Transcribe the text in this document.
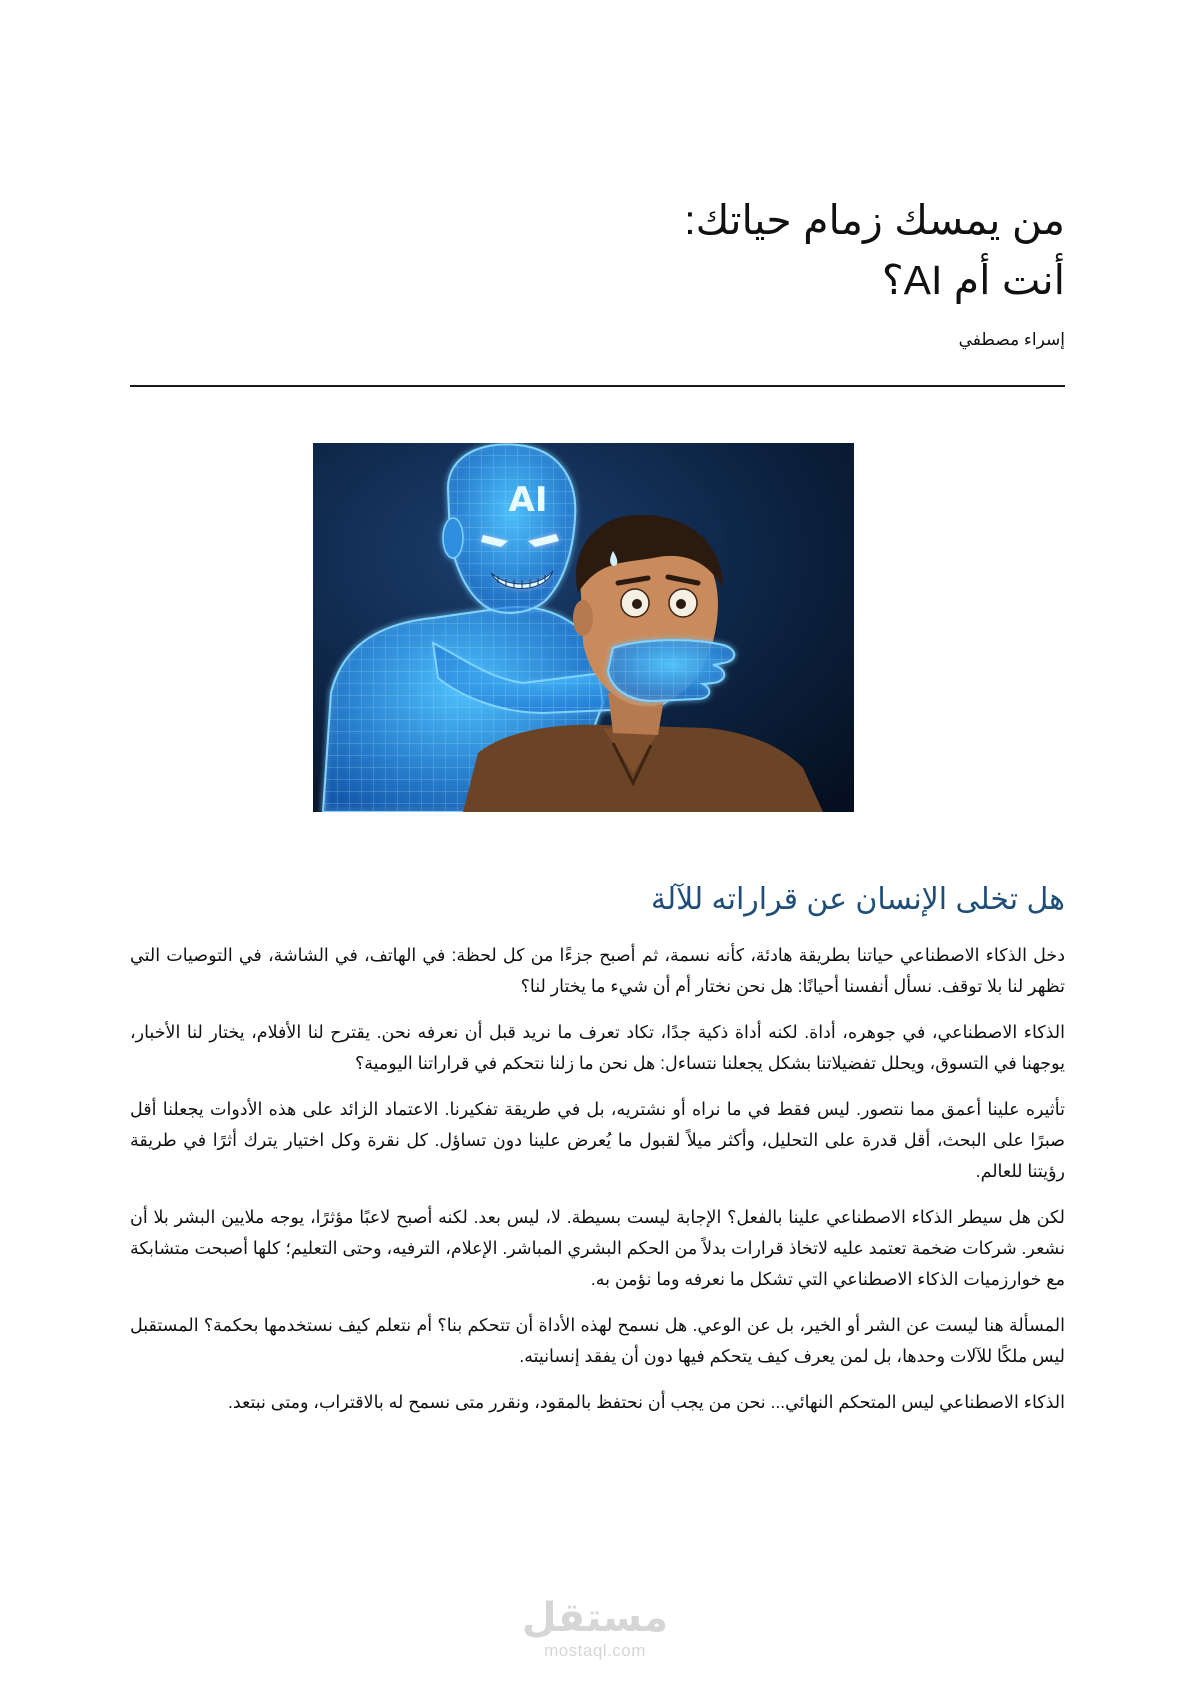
من يمسك زمام حياتك:
أنت أم AI؟
إسراء مصطفي
AI
هل تخلى الإنسان عن قراراته للآلة

دخل الذكاء الاصطناعي حياتنا بطريقة هادئة، كأنه نسمة، ثم أصبح جزءًا من كل لحظة: في الهاتف، في الشاشة، في التوصيات التي تظهر لنا بلا توقف. نسأل أنفسنا أحيانًا: هل نحن نختار أم أن شيء ما يختار لنا؟

الذكاء الاصطناعي، في جوهره، أداة. لكنه أداة ذكية جدًا، تكاد تعرف ما نريد قبل أن نعرفه نحن. يقترح لنا الأفلام، يختار لنا الأخبار، يوجهنا في التسوق، ويحلل تفضيلاتنا بشكل يجعلنا نتساءل: هل نحن ما زلنا نتحكم في قراراتنا اليومية؟

تأثيره علينا أعمق مما نتصور. ليس فقط في ما نراه أو نشتريه، بل في طريقة تفكيرنا. الاعتماد الزائد على هذه الأدوات يجعلنا أقل صبرًا على البحث، أقل قدرة على التحليل، وأكثر ميلاً لقبول ما يُعرض علينا دون تساؤل. كل نقرة وكل اختيار يترك أثرًا في طريقة رؤيتنا للعالم.

لكن هل سيطر الذكاء الاصطناعي علينا بالفعل؟ الإجابة ليست بسيطة. لا، ليس بعد. لكنه أصبح لاعبًا مؤثرًا، يوجه ملايين البشر بلا أن نشعر. شركات ضخمة تعتمد عليه لاتخاذ قرارات بدلاً من الحكم البشري المباشر. الإعلام، الترفيه، وحتى التعليم؛ كلها أصبحت متشابكة مع خوارزميات الذكاء الاصطناعي التي تشكل ما نعرفه وما نؤمن به.

المسألة هنا ليست عن الشر أو الخير، بل عن الوعي. هل نسمح لهذه الأداة أن تتحكم بنا؟ أم نتعلم كيف نستخدمها بحكمة؟ المستقبل ليس ملكًا للآلات وحدها، بل لمن يعرف كيف يتحكم فيها دون أن يفقد إنسانيته.

الذكاء الاصطناعي ليس المتحكم النهائي... نحن من يجب أن نحتفظ بالمقود، ونقرر متى نسمح له بالاقتراب، ومتى نبتعد.

مستقل
mostaql.com
